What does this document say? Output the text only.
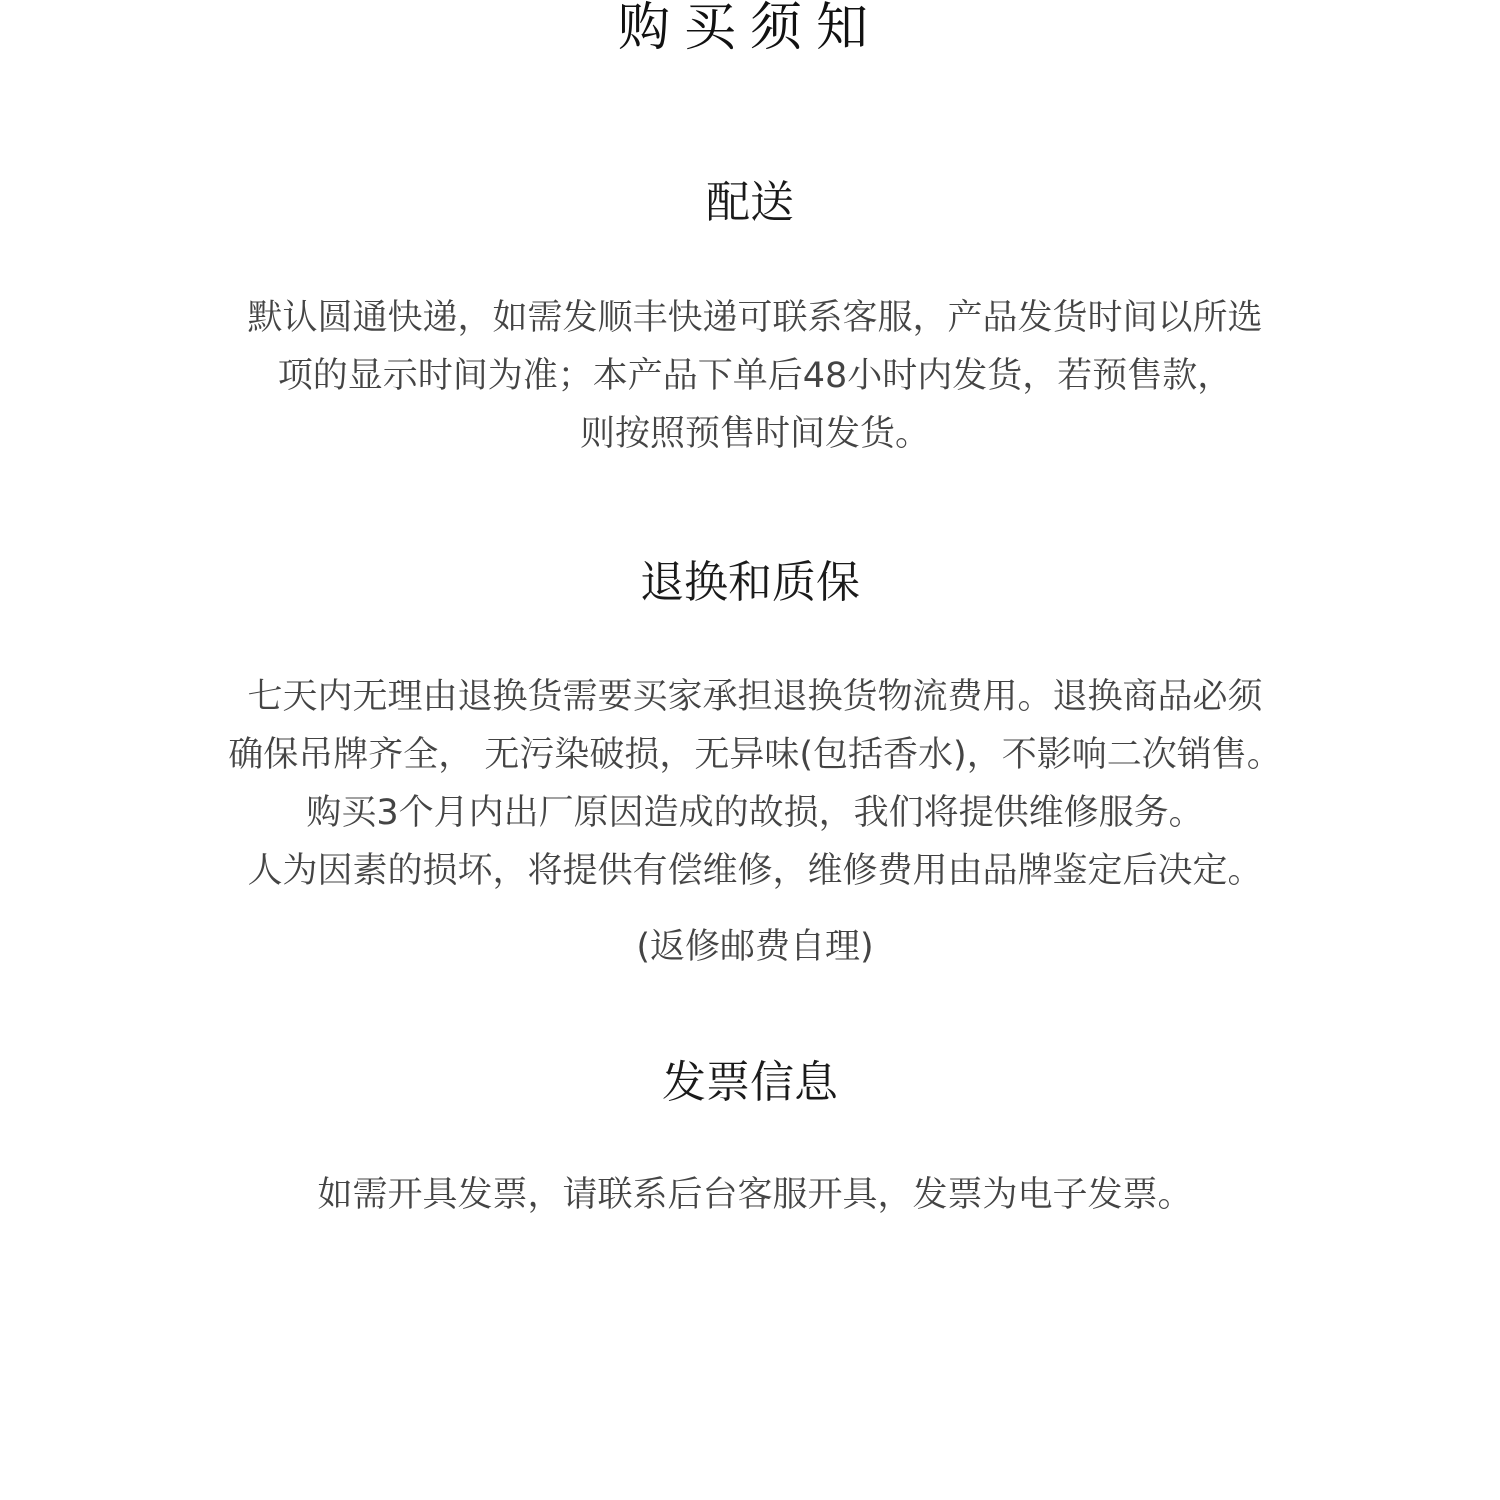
购买须知
配送

默认圆通快递，如需发顺丰快递可联系客服，产品发货时间以所选
项的显示时间为准；本产品下单后48小时内发货，若预售款，
则按照预售时间发货。

退换和质保

七天内无理由退换货需要买家承担退换货物流费用。退换商品必须
确保吊牌齐全， 无污染破损，无异味(包括香水)，不影响二次销售。
购买3个月内出厂原因造成的故损，我们将提供维修服务。
人为因素的损坏，将提供有偿维修，维修费用由品牌鉴定后决定。

(返修邮费自理)

发票信息

如需开具发票，请联系后台客服开具，发票为电子发票。
